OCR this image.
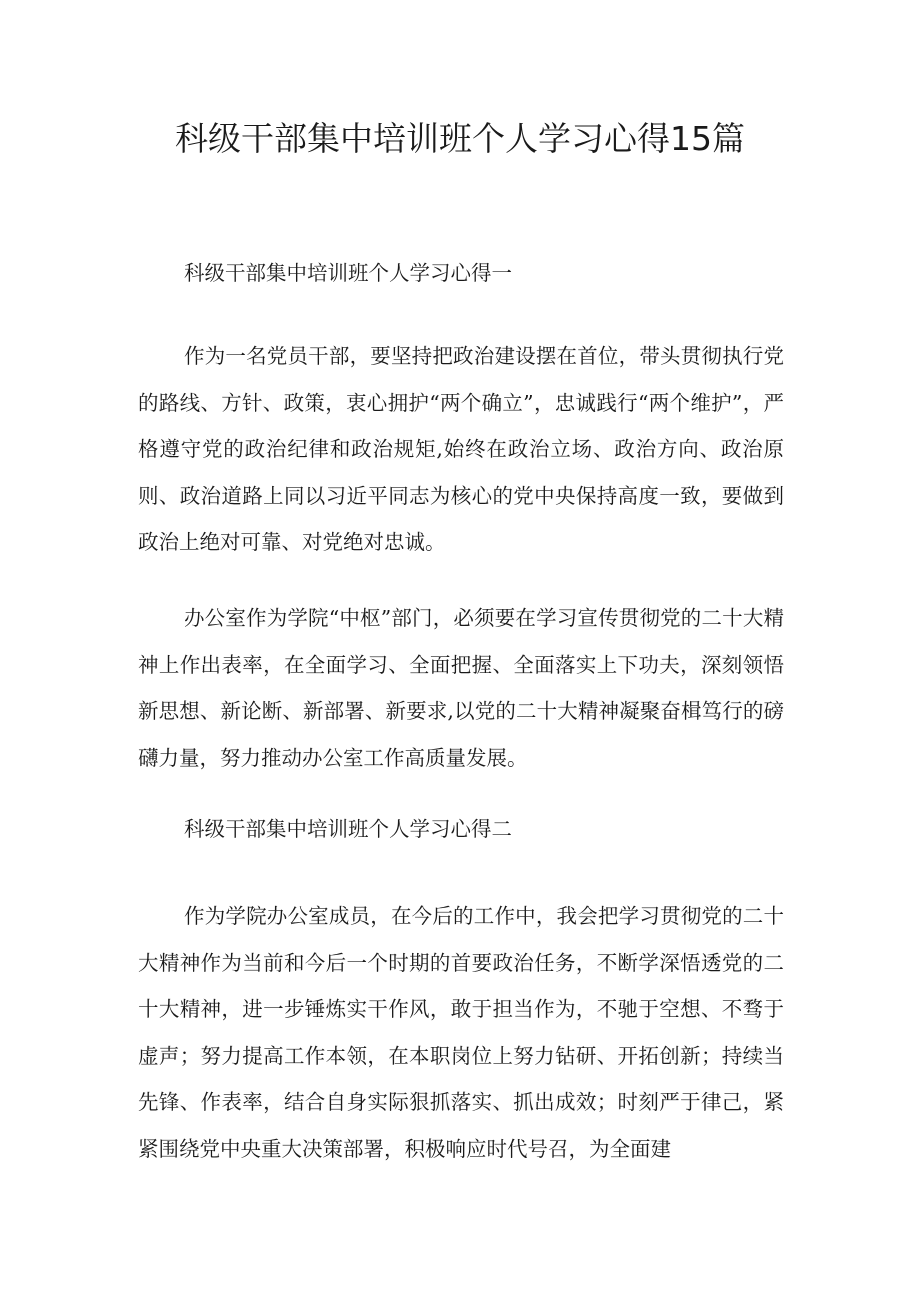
科级干部集中培训班个人学习心得15篇

科级干部集中培训班个人学习心得一

作为一名党员干部，要坚持把政治建设摆在首位，带头贯彻执行党的路线、方针、政策，衷心拥护“两个确立”，忠诚践行“两个维护”，严格遵守党的政治纪律和政治规矩,始终在政治立场、政治方向、政治原则、政治道路上同以习近平同志为核心的党中央保持高度一致，要做到政治上绝对可靠、对党绝对忠诚。

办公室作为学院“中枢”部门，必须要在学习宣传贯彻党的二十大精神上作出表率，在全面学习、全面把握、全面落实上下功夫，深刻领悟新思想、新论断、新部署、新要求,以党的二十大精神凝聚奋楫笃行的磅礴力量，努力推动办公室工作高质量发展。

科级干部集中培训班个人学习心得二

作为学院办公室成员，在今后的工作中，我会把学习贯彻党的二十大精神作为当前和今后一个时期的首要政治任务，不断学深悟透党的二十大精神，进一步锤炼实干作风，敢于担当作为，不驰于空想、不骛于虚声；努力提高工作本领，在本职岗位上努力钻研、开拓创新；持续当先锋、作表率，结合自身实际狠抓落实、抓出成效；时刻严于律己，紧紧围绕党中央重大决策部署，积极响应时代号召，为全面建
